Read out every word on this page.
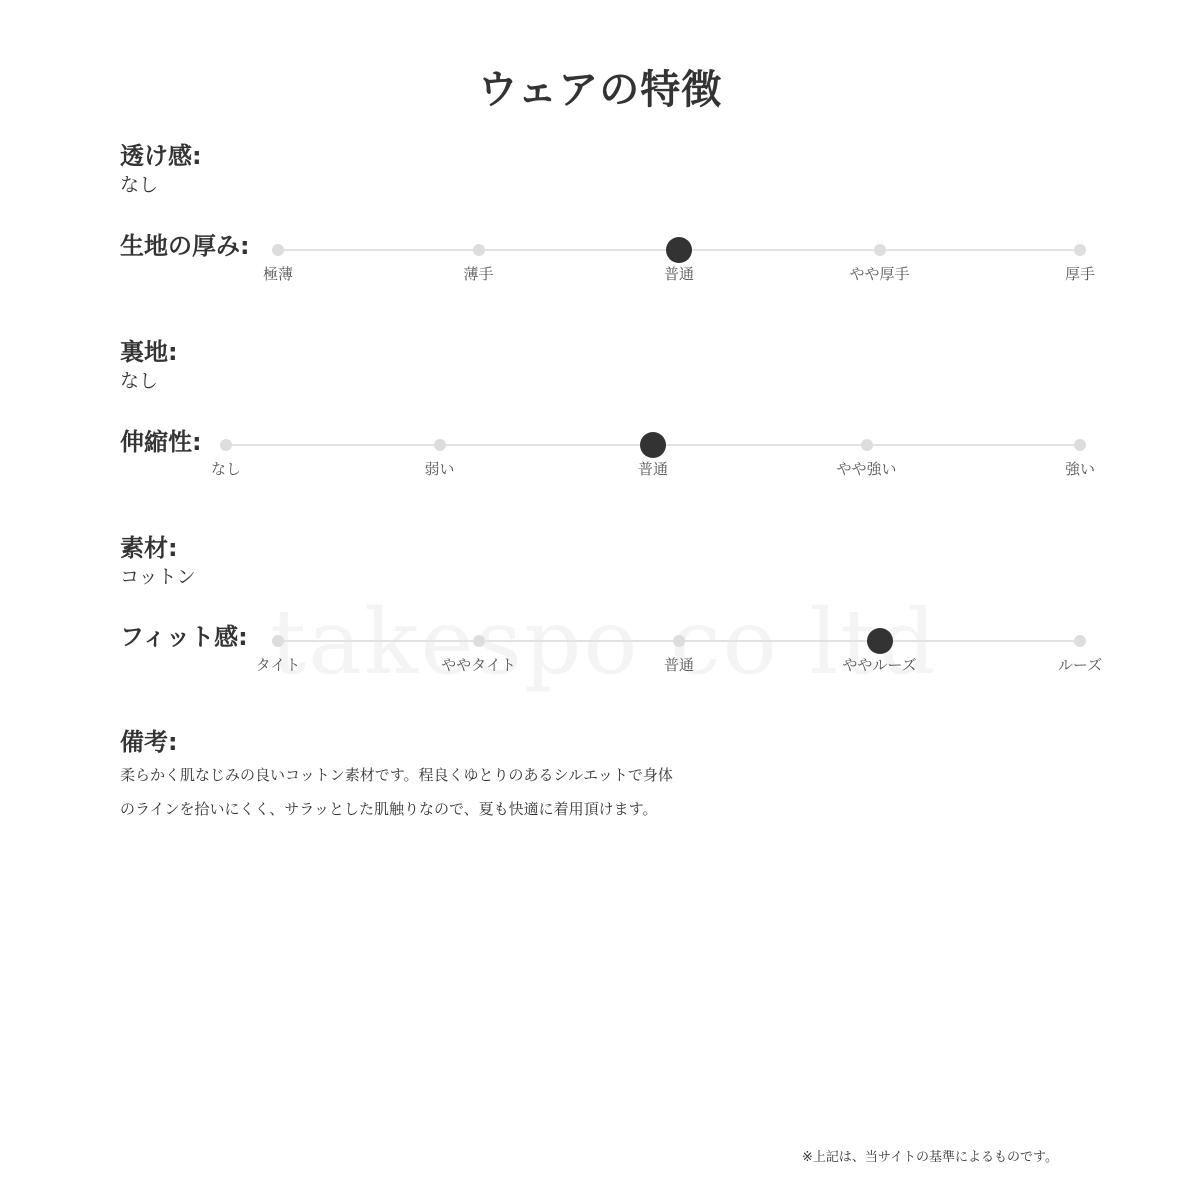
ウェアの特徴
透け感:
なし
生地の厚み:
極薄	薄手	普通	やや厚手	厚手
裏地:
なし
伸縮性:
なし	弱い	普通	やや強い	強い
素材:
コットン
フィット感:
タイト	ややタイト	普通	ややルーズ	ルーズ
備考:

柔らかく肌なじみの良いコットン素材です。程良くゆとりのあるシルエットで身体

のラインを拾いにくく、サラッとした肌触りなので、夏も快適に着用頂けます。

※上記は、当サイトの基準によるものです。
